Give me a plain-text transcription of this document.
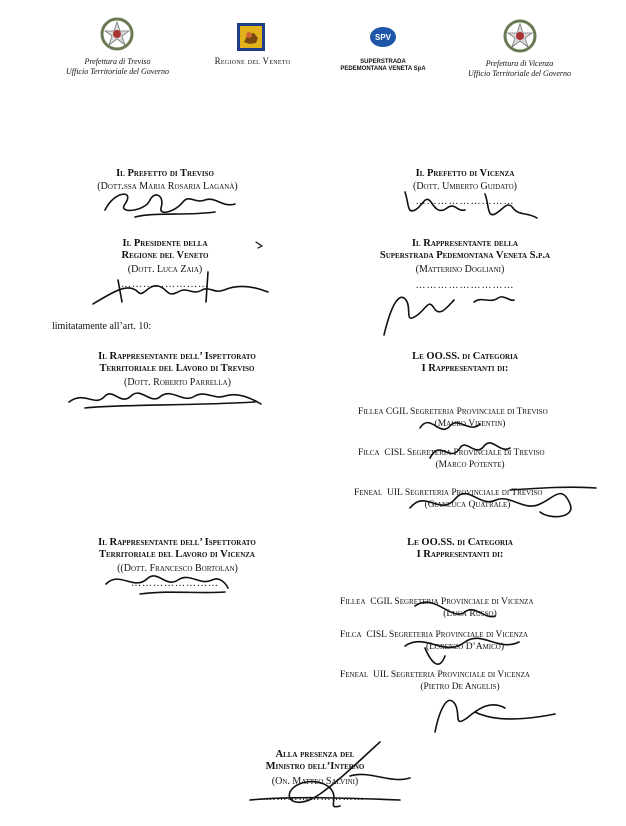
Prefettura di Treviso
Ufficio Territoriale del Governo
Regione del Veneto
SPV
SUPERSTRADA
PEDEMONTANA VENETA SpA
Prefettura di Vicenza
Ufficio Territoriale del Governo
Il Prefetto di Treviso
(Dott.ssa Maria Rosaria Laganà)
Il Presidente della
Regione del Veneto
(Dott. Luca Zaia)
……………………
Il Prefetto di Vicenza
(Dott. Umberto Guidato)
………………………
Il Rappresentante della
Superstrada Pedemontana Veneta S.p.a
(Matterino Dogliani)
………………………
limitatamente all’art. 10:
Il Rappresentante dell’ Ispettorato
Territoriale del Lavoro di Treviso
(Dott. Roberto Parrella)
Le OO.SS. di Categoria
I Rappresentanti di:
Fillea CGIL Segreteria Provinciale di Treviso
(Mauro Visentin)
Filca  CISL Segreteria Provinciale di Treviso
(Marco Potente)
Feneal  UIL Segreteria Provinciale di Treviso
(Gianluca Quatrale)
Il Rappresentante dell’ Ispettorato
Territoriale del Lavoro di Vicenza
((Dott. Francesco Bortolan)
……………………
Le OO.SS. di Categoria
I Rappresentanti di:
Fillea  CGIL Segreteria Provinciale di Vicenza
(Luca Russo)
Filca  CISL Segreteria Provinciale di Vicenza
(Lorenzo D’Amico)
Feneal  UIL Segreteria Provinciale di Vicenza
(Pietro De Angelis)
Alla presenza del
Ministro dell’Interno
(On. Matteo Salvini)
………………………
